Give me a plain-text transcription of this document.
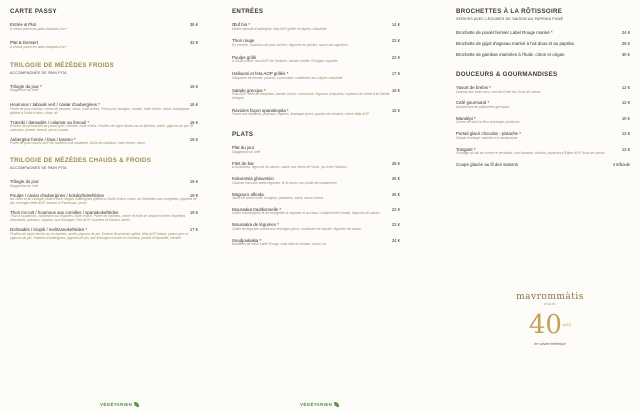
CARTE PASSY
Entrée & Plat	36 €
A choisir parmi les plats marqués d'un *
Plat & Dessert	32 €
A choisir parmi les plats marqués d'un *
TRILOGIE DE MÉZÉDES FROIDS
ACCOMPAGNÉE DE PAIN PITA
Trilogie du jour *	16 €
Suggestion du chef
Houmous / taboulé vert / caviar d'aubergines *	16 €
Purée de pois chiches, crème de sésame, citron, huile d'olive. Persil plat, boulgour, tomate, huile d'olive, citron. Aubergines grillées à l'huile d'olive, citron, ail
Tzatziki / damadès / calamar au fenouil *	16 €
Emincé de concombre au yaourt grec, menthe, huile d'olive. Feuilles de vigne farcies au riz épicées, aneth, pignons de pin. Et calamars, piment, fenouil, persil, tomate
Aubergine fumée / fava / taramo *	16 €
Purée de pois cassés AOP de Santorin à la moutarde. Œufs de cabillaud, huile d'olive, citron
TRILOGIE DE MÉZÉDES CHAUDS & FROIDS
ACCOMPAGNÉE DE PAIN PITA
Trilogie du jour	19 €
Suggestion du chef
Poulpe / caviar d'aubergines / kolokythokeftédes	19 €
Au citron et au vinaigre, huile d'olive, origan. Aubergines grillées à l'huile d'olive, citron, ail. Boulettes aux courgettes, pignons de pin, fromages fétta AOP, kasseri et Parmesan, persil
Thon mi-cuit / houmous aux cornilles / spanakokeftédes	19 €
Thon à la plancha, condiment aux légumes, huile d'olive. Purée de cornilles, crème et huile de sésame fumée. Boulettes d'épinards, poireaux, oignons, aux fromages Feta AOP, Graviera et Kasseri, aneth
Dolmadès / tiropiti / melitzanokeftédes *	17 €
Feuilles de vigne farcies au riz épicées, aneth, pignons de pin. Emincé de poivrons grillés, fétta AOP battue, yaourt grec et pignons de pin. Galettes d'aubergines, pignons de pin, aux fromages Kasseri et Graviera, piment d'Espelette, menthe
VÉGÉTARIEN
ENTRÉES
Œuf bio *	14 €
Mollet, taboulé d'aubergine, feta AOP grillée et câpres, ciboulette
Thon rouge	22 €
En ceviche, houmous de pois chiches, légumes en pickles, sauce aux agrumes
Poulpe grillé	22 €
A l'huile d'olive, fava AOP de Santorin, tomate confite. D'origan, roquette
Halloumi et feta AOP grillés *	17 €
Gaspacho de tomate, poivron, concombre, condiment aux câpres ciboulette
Salade grecque *	16 €
Feta AOP, olive de Kalamata, tomate cerise, concombre, légumes croquants, copeaux de crème d'Ile Sainte d'origan
Ravioles façon spanakopita *	15 €
Farcie aux épinards, poireaux, oignons, fromages grecs, graines de sésame, crème fétta AOP
PLATS
Plat du jour
Suggestion du chef
Filet de bar	28 €
A la plancha, légumes de saison, sauce aux olives de Volos, jus d'une Saisons
Kokoretsia ghiuvetsio	26 €
Calamar frais aux petits légumes, lit et cumin, aux pistils de cardamome
Magouro afkoda	26 €
Jarret de bœuf confit, boulgour, pistaches, salmi, sauce chaud
Moussaka traditionnelle *	22 €
Gratin d'aubergines et de courgettes à l'agneau et au veau, condiment de tomate, légumes de saison
Moussaka de légumes *	22 €
Gratin de légumes confits aux fromages grecs, condiment de tomate, légumes de saison
Soudjoukakia *	24 €
Boulettes de bœuf Label Rouge, cuits riaté de tomate, cumin, riz
VÉGÉTARIEN
BROCHETTES À LA RÔTISSOIRE
SERVIES AVEC LÉGUMES DE SAISON AU PAPRIKA FUMÉ
Brochette de poulet fermier Label Rouge mariné *	24 €
Brochette de gigot d'agneau mariné à l'ail doux et au paprika	26 €
Brochette de gambas marinées à l'huile, citron et origan	30 €
DOUCEURS & GOURMANDISES
Yaourt de brebis *	12 €
Granola aux fruits secs, miel de Crète bio, fruits de saison
Café gourmand *	12 €
Assortiment de pâtisseries grecques
Mandépi *	10 €
Crème de lait à la fleur d'oranger, pistaches
Portail glacé chocolat - pistache *	12 €
Salade d'orange marinée à la cardamome
Tologant *	12 €
Fromage au lait de chèvre et de brebis, miel lavande, collezia, pistaches d'Egine AOP, fruits de saison
Coupe glacée au fil des saisons	4 €/boule
mavrommàtis
PARIS
$40^{ANS}$
de cuisine hellénique
